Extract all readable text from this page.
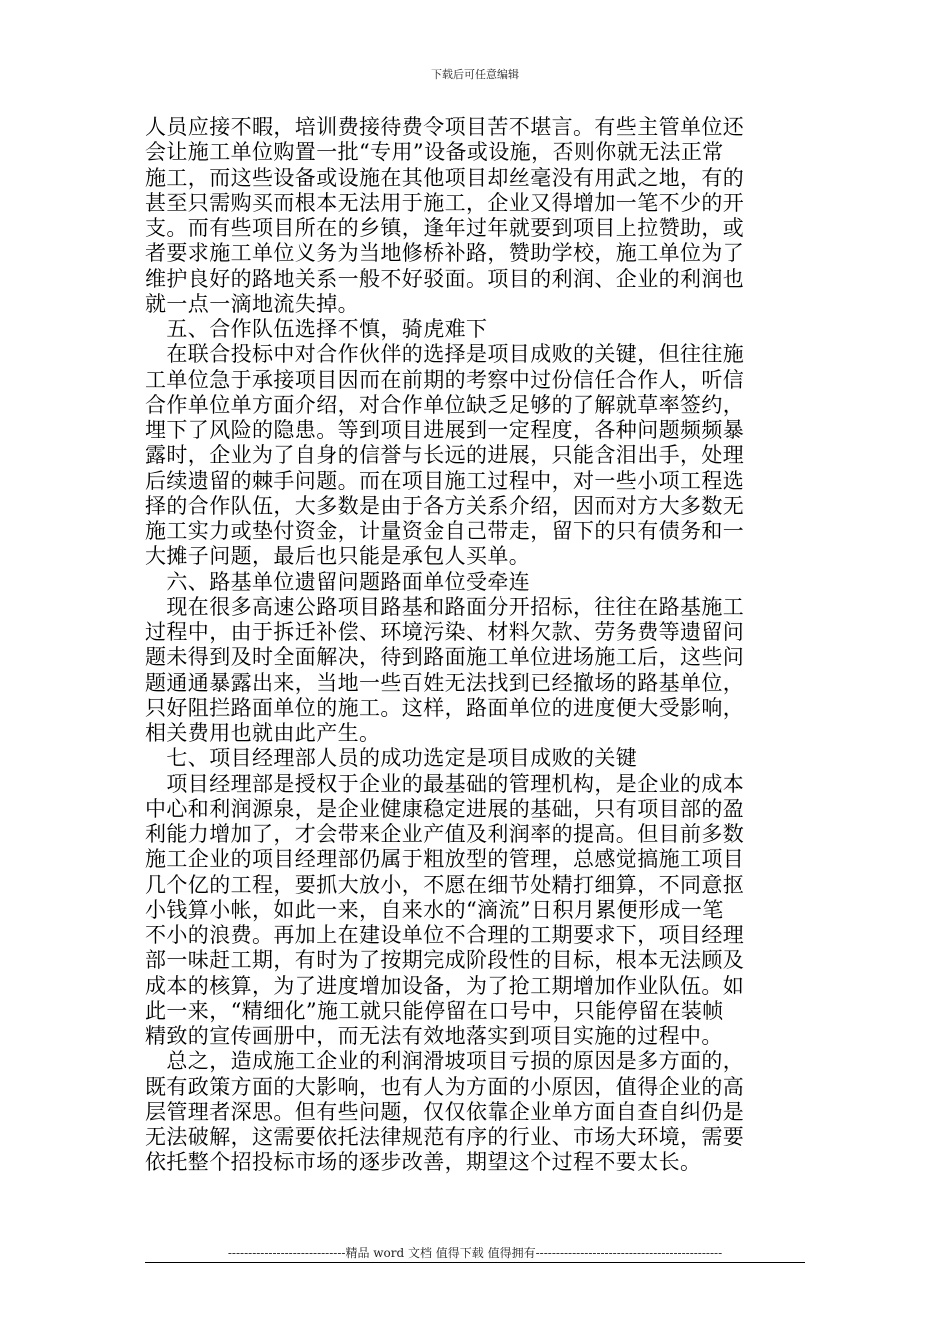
下载后可任意编辑
人员应接不暇，培训费接待费令项目苦不堪言。有些主管单位还
会让施工单位购置一批“专用”设备或设施，否则你就无法正常
施工，而这些设备或设施在其他项目却丝毫没有用武之地，有的
甚至只需购买而根本无法用于施工，企业又得增加一笔不少的开
支。而有些项目所在的乡镇，逢年过年就要到项目上拉赞助，或
者要求施工单位义务为当地修桥补路，赞助学校，施工单位为了
维护良好的路地关系一般不好驳面。项目的利润、企业的利润也
就一点一滴地流失掉。
　五、合作队伍选择不慎，骑虎难下
　在联合投标中对合作伙伴的选择是项目成败的关键，但往往施
工单位急于承接项目因而在前期的考察中过份信任合作人，听信
合作单位单方面介绍，对合作单位缺乏足够的了解就草率签约，
埋下了风险的隐患。等到项目进展到一定程度，各种问题频频暴
露时，企业为了自身的信誉与长远的进展，只能含泪出手，处理
后续遗留的棘手问题。而在项目施工过程中，对一些小项工程选
择的合作队伍，大多数是由于各方关系介绍，因而对方大多数无
施工实力或垫付资金，计量资金自己带走，留下的只有债务和一
大摊子问题，最后也只能是承包人买单。
　六、路基单位遗留问题路面单位受牵连
　现在很多高速公路项目路基和路面分开招标，往往在路基施工
过程中，由于拆迁补偿、环境污染、材料欠款、劳务费等遗留问
题未得到及时全面解决，待到路面施工单位进场施工后，这些问
题通通暴露出来，当地一些百姓无法找到已经撤场的路基单位，
只好阻拦路面单位的施工。这样，路面单位的进度便大受影响，
相关费用也就由此产生。
　七、项目经理部人员的成功选定是项目成败的关键
　项目经理部是授权于企业的最基础的管理机构，是企业的成本
中心和利润源泉，是企业健康稳定进展的基础，只有项目部的盈
利能力增加了，才会带来企业产值及利润率的提高。但目前多数
施工企业的项目经理部仍属于粗放型的管理，总感觉搞施工项目
几个亿的工程，要抓大放小，不愿在细节处精打细算，不同意抠
小钱算小帐，如此一来，自来水的“滴流”日积月累便形成一笔
不小的浪费。再加上在建设单位不合理的工期要求下，项目经理
部一味赶工期，有时为了按期完成阶段性的目标，根本无法顾及
成本的核算，为了进度增加设备，为了抢工期增加作业队伍。如
此一来，“精细化”施工就只能停留在口号中，只能停留在装帧
精致的宣传画册中，而无法有效地落实到项目实施的过程中。
　总之，造成施工企业的利润滑坡项目亏损的原因是多方面的，
既有政策方面的大影响，也有人为方面的小原因，值得企业的高
层管理者深思。但有些问题，仅仅依靠企业单方面自查自纠仍是
无法破解，这需要依托法律规范有序的行业、市场大环境，需要
依托整个招投标市场的逐步改善，期望这个过程不要太长。
-----------------------------精品 word 文档 值得下载 值得拥有----------------------------------------------
